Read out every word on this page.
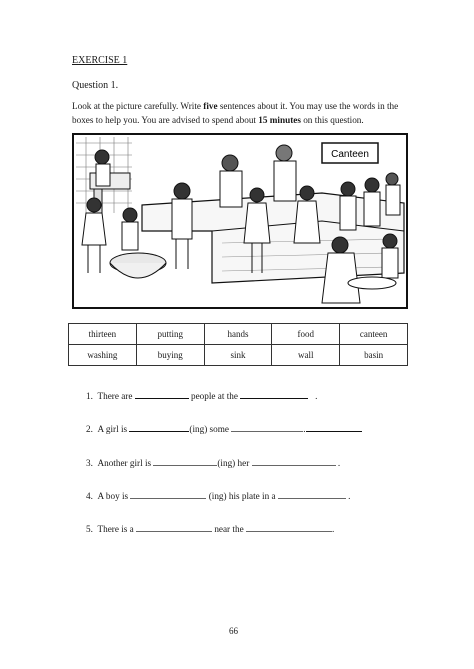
EXERCISE 1
Question 1.
Look at the picture carefully. Write five sentences about it. You may use the words in the boxes to help you. You are advised to spend about 15 minutes on this question.
Canteen
thirteen	putting	hands	food	canteen
washing	buying	sink	wall	basin
1. There are	people at the	.
2. A girl is	(ing) some	.
3. Another girl is	(ing) her	.
4. A boy is	(ing) his plate in a	.
5. There is a	near the	.
66
